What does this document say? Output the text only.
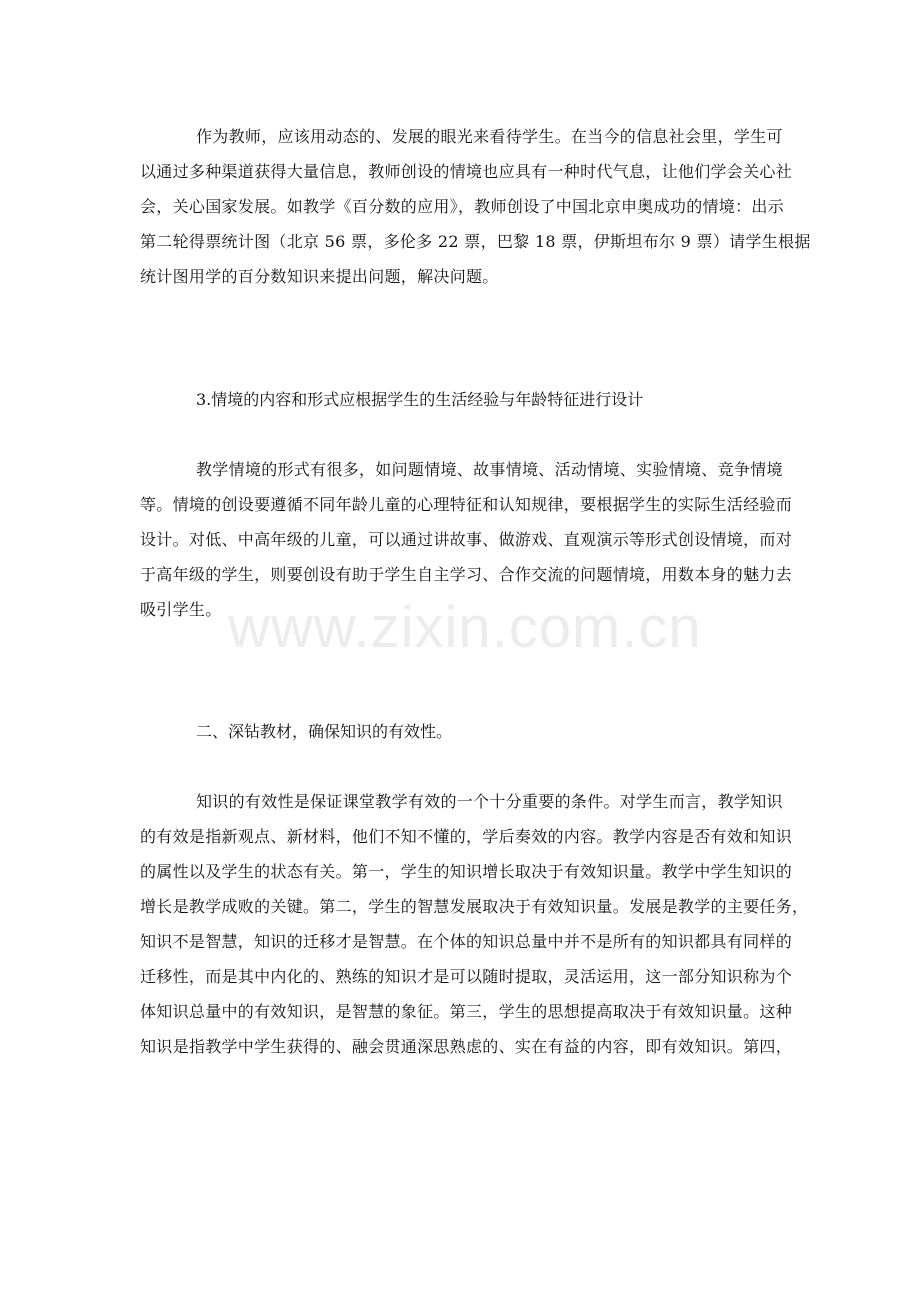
作为教师，应该用动态的、发展的眼光来看待学生。在当今的信息社会里，学生可
以通过多种渠道获得大量信息，教师创设的情境也应具有一种时代气息，让他们学会关心社
会，关心国家发展。如教学《百分数的应用》，教师创设了中国北京申奥成功的情境：出示
第二轮得票统计图（北京 56 票，多伦多 22 票，巴黎 18 票，伊斯坦布尔 9 票）请学生根据
统计图用学的百分数知识来提出问题，解决问题。
3.情境的内容和形式应根据学生的生活经验与年龄特征进行设计
教学情境的形式有很多，如问题情境、故事情境、活动情境、实验情境、竞争情境
等。情境的创设要遵循不同年龄儿童的心理特征和认知规律，要根据学生的实际生活经验而
设计。对低、中高年级的儿童，可以通过讲故事、做游戏、直观演示等形式创设情境，而对
于高年级的学生，则要创设有助于学生自主学习、合作交流的问题情境，用数本身的魅力去
吸引学生。
二、深钻教材，确保知识的有效性。
知识的有效性是保证课堂教学有效的一个十分重要的条件。对学生而言，教学知识
的有效是指新观点、新材料，他们不知不懂的，学后奏效的内容。教学内容是否有效和知识
的属性以及学生的状态有关。第一，学生的知识增长取决于有效知识量。教学中学生知识的
增长是教学成败的关键。第二，学生的智慧发展取决于有效知识量。发展是教学的主要任务，
知识不是智慧，知识的迁移才是智慧。在个体的知识总量中并不是所有的知识都具有同样的
迁移性，而是其中内化的、熟练的知识才是可以随时提取，灵活运用，这一部分知识称为个
体知识总量中的有效知识，是智慧的象征。第三，学生的思想提高取决于有效知识量。这种
知识是指教学中学生获得的、融会贯通深思熟虑的、实在有益的内容，即有效知识。第四，
www.zixin.com.cn
